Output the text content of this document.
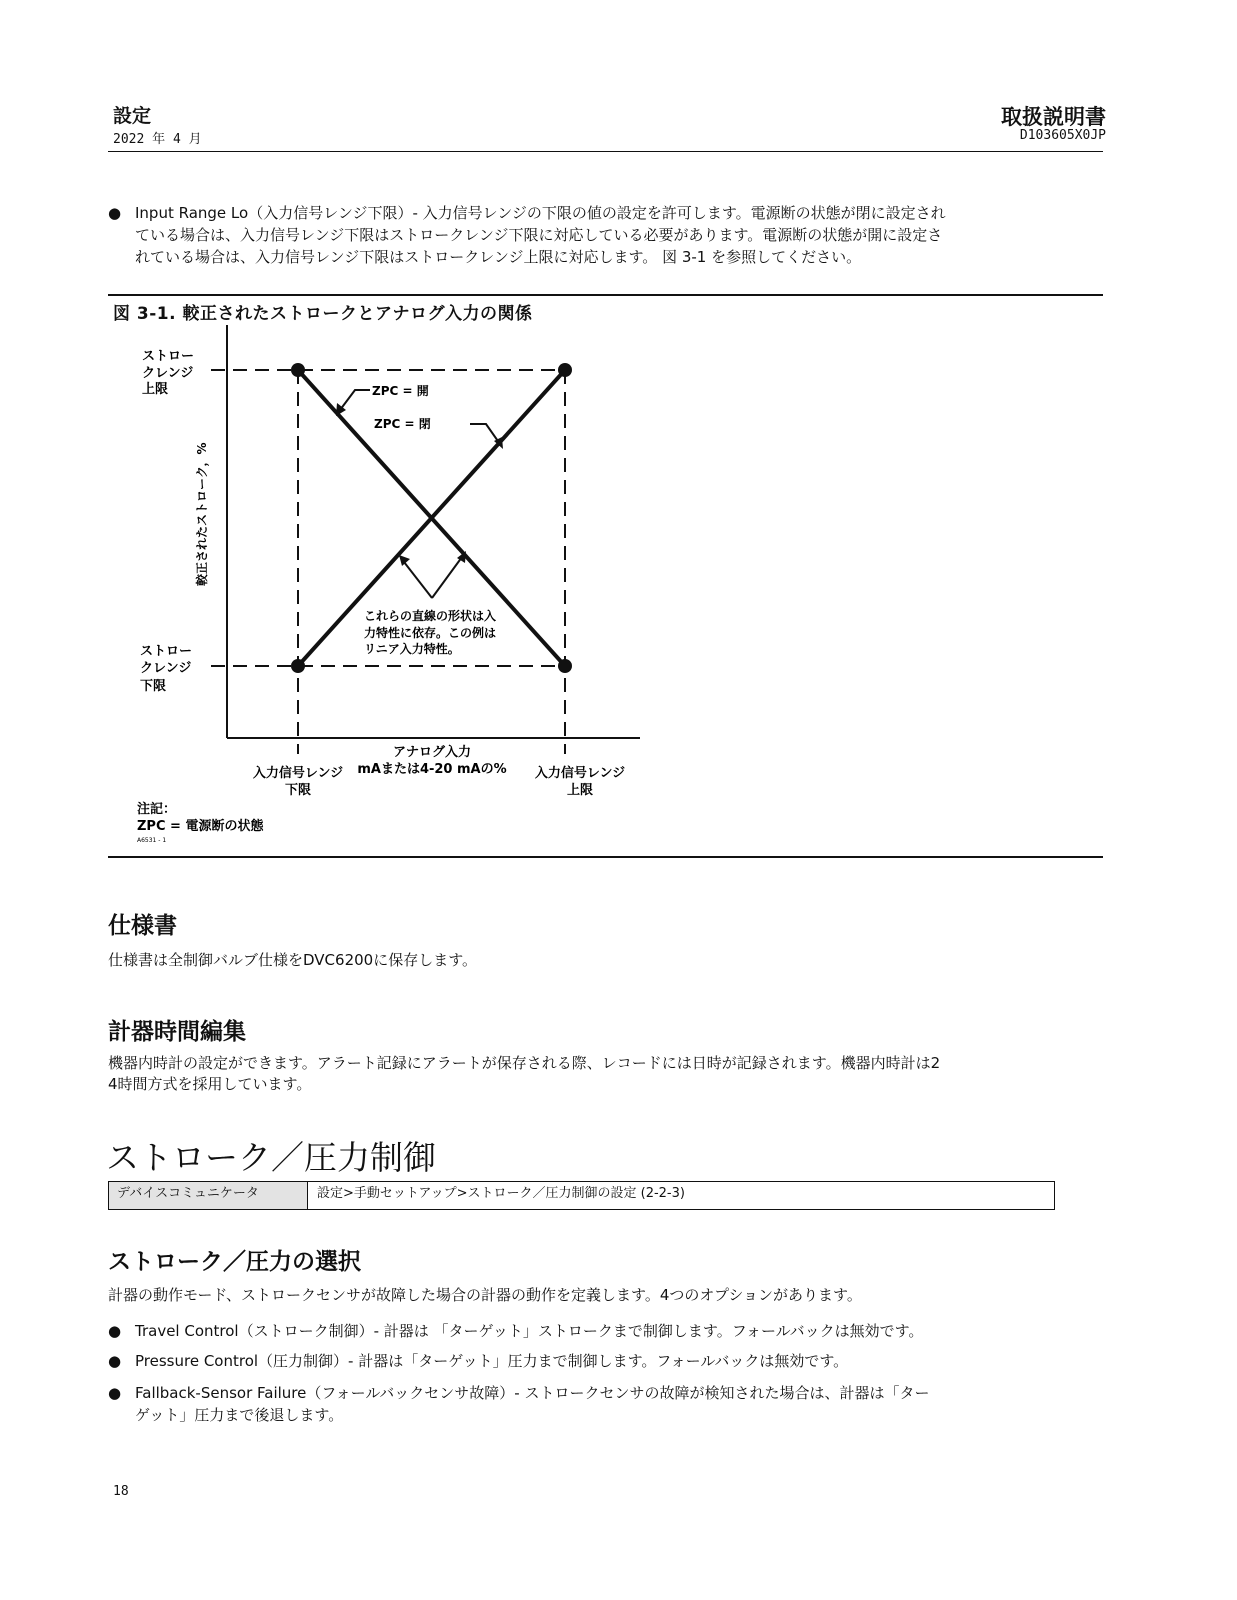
設定
2022 年 4 月
取扱説明書
D103605X0JP
● Input Range Lo（入力信号レンジ下限）- 入力信号レンジの下限の値の設定を許可します。電源断の状態が閉に設定され
ている場合は、入力信号レンジ下限はストロークレンジ下限に対応している必要があります。電源断の状態が開に設定さ
れている場合は、入力信号レンジ下限はストロークレンジ上限に対応します。 図 3-1 を参照してください。
図 3-1. 較正されたストロークとアナログ入力の関係
ストロー
クレンジ
上限
ストロー
クレンジ
下限
較正されたストローク，%
ZPC = 開
ZPC = 閉
これらの直線の形状は入
力特性に依存。この例は
リニア入力特性。
アナログ入力
mAまたは4-20 mAの%
入力信号レンジ
下限
入力信号レンジ
上限
注記：
ZPC = 電源断の状態
A6531 - 1
仕様書
仕様書は全制御バルブ仕様をDVC6200に保存します。
計器時間編集
機器内時計の設定ができます。アラート記録にアラートが保存される際、レコードには日時が記録されます。機器内時計は2
4時間方式を採用しています。
ストローク／圧力制御
デバイスコミュニケータ	設定>手動セットアップ>ストローク／圧力制御の設定 (2-2-3)
ストローク／圧力の選択
計器の動作モード、ストロークセンサが故障した場合の計器の動作を定義します。4つのオプションがあります。
● Travel Control（ストローク制御）- 計器は 「ターゲット」ストロークまで制御します。フォールバックは無効です。
● Pressure Control（圧力制御）- 計器は「ターゲット」圧力まで制御します。フォールバックは無効です。
● Fallback-Sensor Failure（フォールバックセンサ故障）- ストロークセンサの故障が検知された場合は、計器は「ター
ゲット」圧力まで後退します。
18
